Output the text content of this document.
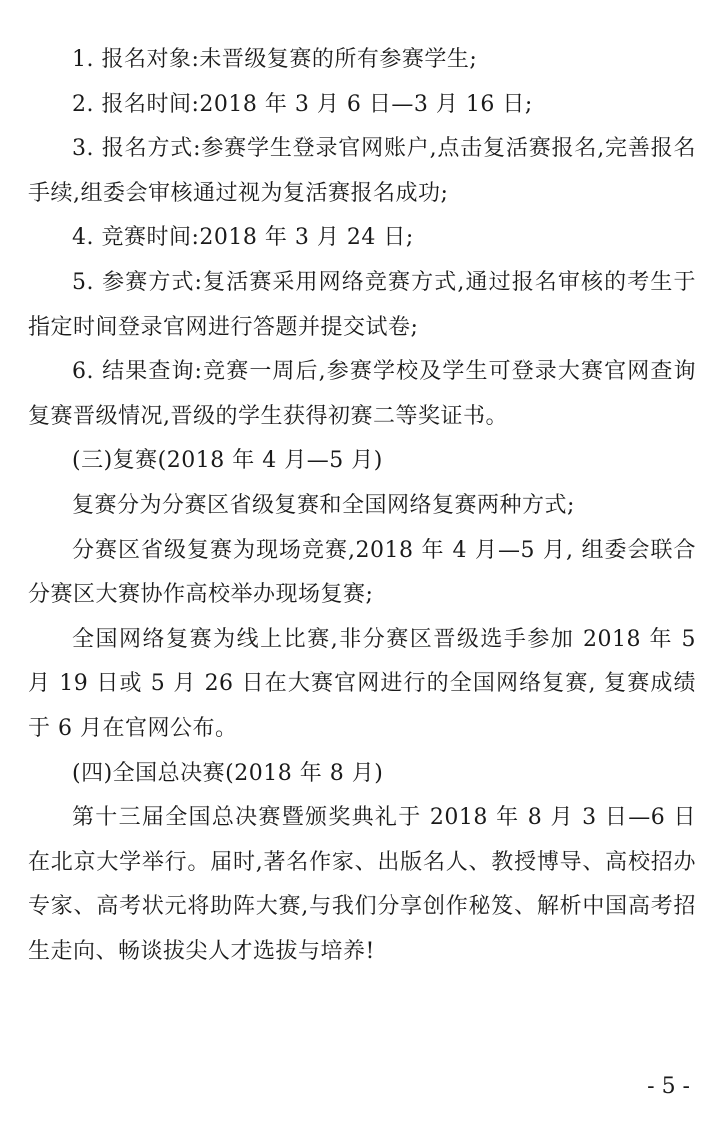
1. 报名对象:未晋级复赛的所有参赛学生;

2. 报名时间:2018 年 3 月 6 日—3 月 16 日;

3. 报名方式:参赛学生登录官网账户,点击复活赛报名,完善报名手续,组委会审核通过视为复活赛报名成功;

4. 竞赛时间:2018 年 3 月 24 日;

5. 参赛方式:复活赛采用网络竞赛方式,通过报名审核的考生于指定时间登录官网进行答题并提交试卷;

6. 结果查询:竞赛一周后,参赛学校及学生可登录大赛官网查询复赛晋级情况,晋级的学生获得初赛二等奖证书。

(三)复赛(2018 年 4 月—5 月)

复赛分为分赛区省级复赛和全国网络复赛两种方式;

分赛区省级复赛为现场竞赛,2018 年 4 月—5 月, 组委会联合分赛区大赛协作高校举办现场复赛;

全国网络复赛为线上比赛,非分赛区晋级选手参加 2018 年 5 月 19 日或 5 月 26 日在大赛官网进行的全国网络复赛, 复赛成绩于 6 月在官网公布。

(四)全国总决赛(2018 年 8 月)

第十三届全国总决赛暨颁奖典礼于 2018 年 8 月 3 日—6 日在北京大学举行。届时,著名作家、出版名人、教授博导、高校招办专家、高考状元将助阵大赛,与我们分享创作秘笈、解析中国高考招生走向、畅谈拔尖人才选拔与培养!

- 5 -
